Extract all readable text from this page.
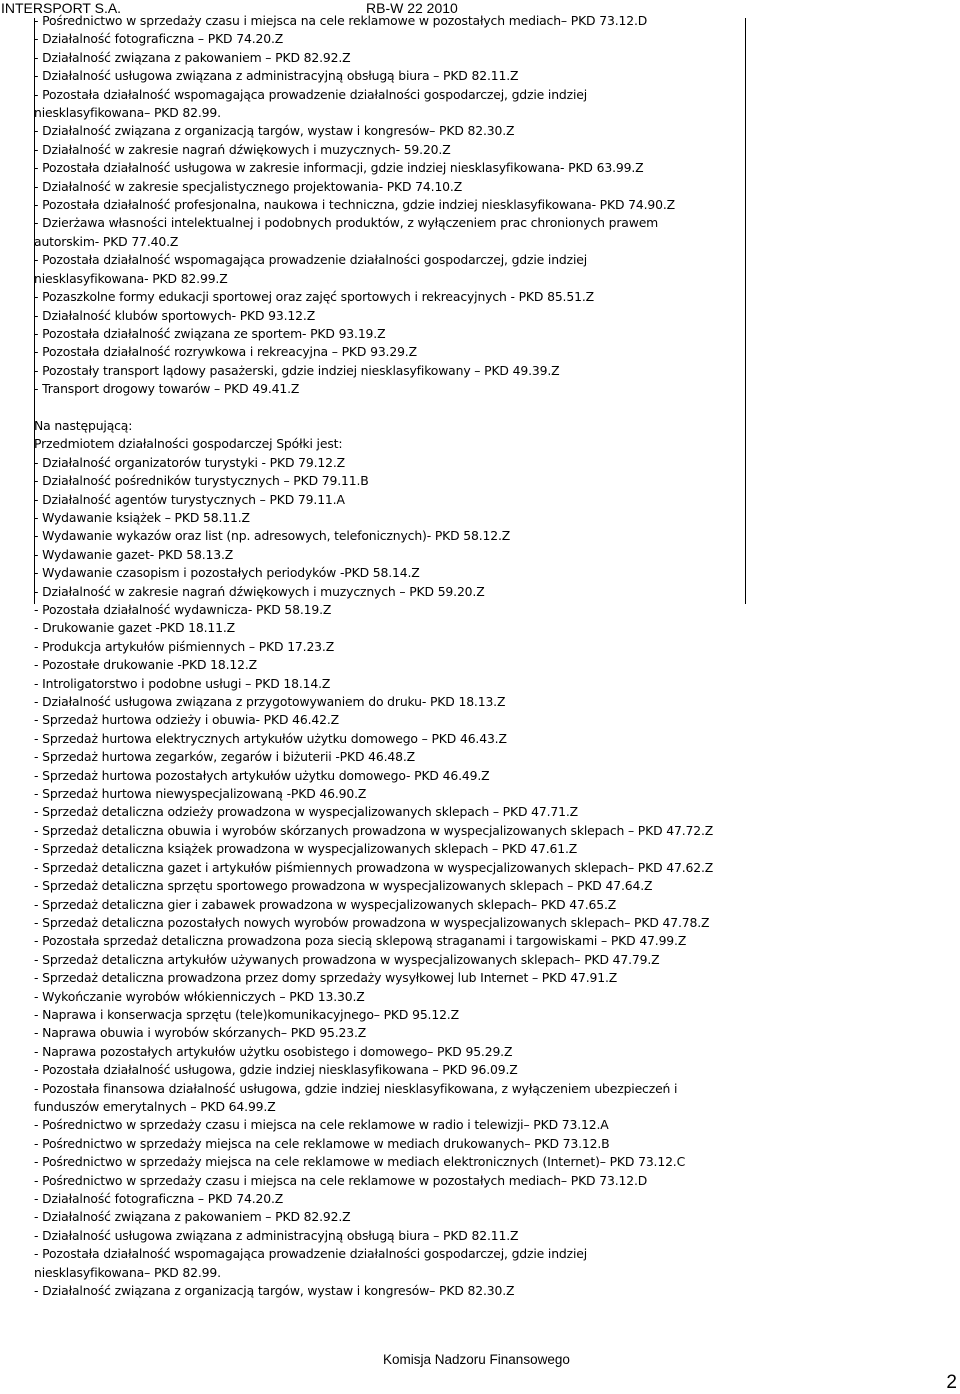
INTERSPORT S.A.	RB-W 22 2010
- Pośrednictwo w sprzedaży czasu i miejsca na cele reklamowe w pozostałych mediach– PKD 73.12.D
- Działalność fotograficzna – PKD 74.20.Z
- Działalność związana z pakowaniem – PKD 82.92.Z
- Działalność usługowa związana z administracyjną obsługą biura – PKD 82.11.Z
- Pozostała działalność wspomagająca prowadzenie działalności gospodarczej, gdzie indziej
niesklasyfikowana– PKD 82.99.
- Działalność związana z organizacją targów, wystaw i kongresów– PKD 82.30.Z
- Działalność w zakresie nagrań dźwiękowych i muzycznych- 59.20.Z
- Pozostała działalność usługowa w zakresie informacji, gdzie indziej niesklasyfikowana- PKD 63.99.Z
- Działalność w zakresie specjalistycznego projektowania- PKD 74.10.Z
- Pozostała działalność profesjonalna, naukowa i techniczna, gdzie indziej niesklasyfikowana- PKD 74.90.Z
- Dzierżawa własności intelektualnej i podobnych produktów, z wyłączeniem prac chronionych prawem
autorskim- PKD 77.40.Z
- Pozostała działalność wspomagająca prowadzenie działalności gospodarczej, gdzie indziej
niesklasyfikowana- PKD 82.99.Z
- Pozaszkolne formy edukacji sportowej oraz zajęć sportowych i rekreacyjnych - PKD 85.51.Z
- Działalność klubów sportowych- PKD 93.12.Z
- Pozostała działalność związana ze sportem- PKD 93.19.Z
- Pozostała działalność rozrywkowa i rekreacyjna – PKD 93.29.Z
- Pozostały transport lądowy pasażerski, gdzie indziej niesklasyfikowany – PKD 49.39.Z
- Transport drogowy towarów – PKD 49.41.Z
Na następującą:
Przedmiotem działalności gospodarczej Spółki jest:
- Działalność organizatorów turystyki - PKD 79.12.Z
- Działalność pośredników turystycznych – PKD 79.11.B
- Działalność agentów turystycznych – PKD 79.11.A
- Wydawanie książek – PKD 58.11.Z
- Wydawanie wykazów oraz list (np. adresowych, telefonicznych)- PKD 58.12.Z
- Wydawanie gazet- PKD 58.13.Z
- Wydawanie czasopism i pozostałych periodyków -PKD 58.14.Z
- Działalność w zakresie nagrań dźwiękowych i muzycznych – PKD 59.20.Z
- Pozostała działalność wydawnicza- PKD 58.19.Z
- Drukowanie gazet -PKD 18.11.Z
- Produkcja artykułów piśmiennych – PKD 17.23.Z
- Pozostałe drukowanie -PKD 18.12.Z
- Introligatorstwo i podobne usługi – PKD 18.14.Z
- Działalność usługowa związana z przygotowywaniem do druku- PKD 18.13.Z
- Sprzedaż hurtowa odzieży i obuwia- PKD 46.42.Z
- Sprzedaż hurtowa elektrycznych artykułów użytku domowego – PKD 46.43.Z
- Sprzedaż hurtowa zegarków, zegarów i biżuterii -PKD 46.48.Z
- Sprzedaż hurtowa pozostałych artykułów użytku domowego- PKD 46.49.Z
- Sprzedaż hurtowa niewyspecjalizowaną -PKD 46.90.Z
- Sprzedaż detaliczna odzieży prowadzona w wyspecjalizowanych sklepach – PKD 47.71.Z
- Sprzedaż detaliczna obuwia i wyrobów skórzanych prowadzona w wyspecjalizowanych sklepach – PKD 47.72.Z
- Sprzedaż detaliczna książek prowadzona w wyspecjalizowanych sklepach – PKD 47.61.Z
- Sprzedaż detaliczna gazet i artykułów piśmiennych prowadzona w wyspecjalizowanych sklepach– PKD 47.62.Z
- Sprzedaż detaliczna sprzętu sportowego prowadzona w wyspecjalizowanych sklepach – PKD 47.64.Z
- Sprzedaż detaliczna gier i zabawek prowadzona w wyspecjalizowanych sklepach– PKD 47.65.Z
- Sprzedaż detaliczna pozostałych nowych wyrobów prowadzona w wyspecjalizowanych sklepach– PKD 47.78.Z
- Pozostała sprzedaż detaliczna prowadzona poza siecią sklepową straganami i targowiskami – PKD 47.99.Z
- Sprzedaż detaliczna artykułów używanych prowadzona w wyspecjalizowanych sklepach– PKD 47.79.Z
- Sprzedaż detaliczna prowadzona przez domy sprzedaży wysyłkowej lub Internet – PKD 47.91.Z
- Wykończanie wyrobów włókienniczych – PKD 13.30.Z
- Naprawa i konserwacja sprzętu (tele)komunikacyjnego– PKD 95.12.Z
- Naprawa obuwia i wyrobów skórzanych– PKD 95.23.Z
- Naprawa pozostałych artykułów użytku osobistego i domowego– PKD 95.29.Z
- Pozostała działalność usługowa, gdzie indziej niesklasyfikowana – PKD 96.09.Z
- Pozostała finansowa działalność usługowa, gdzie indziej niesklasyfikowana, z wyłączeniem ubezpieczeń i
funduszów emerytalnych – PKD 64.99.Z
- Pośrednictwo w sprzedaży czasu i miejsca na cele reklamowe w radio i telewizji– PKD 73.12.A
- Pośrednictwo w sprzedaży miejsca na cele reklamowe w mediach drukowanych– PKD 73.12.B
- Pośrednictwo w sprzedaży miejsca na cele reklamowe w mediach elektronicznych (Internet)– PKD 73.12.C
- Pośrednictwo w sprzedaży czasu i miejsca na cele reklamowe w pozostałych mediach– PKD 73.12.D
- Działalność fotograficzna – PKD 74.20.Z
- Działalność związana z pakowaniem – PKD 82.92.Z
- Działalność usługowa związana z administracyjną obsługą biura – PKD 82.11.Z
- Pozostała działalność wspomagająca prowadzenie działalności gospodarczej, gdzie indziej
niesklasyfikowana– PKD 82.99.
- Działalność związana z organizacją targów, wystaw i kongresów– PKD 82.30.Z
Komisja Nadzoru Finansowego
2
